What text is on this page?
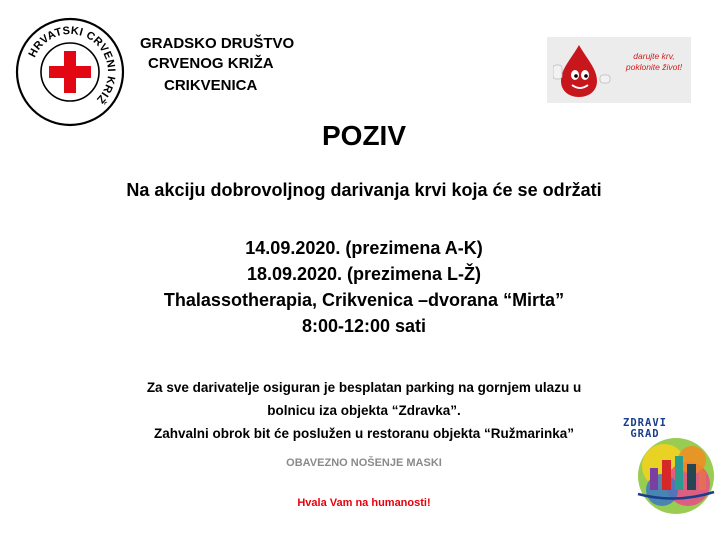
HRVATSKI CRVENI KRIŽ
GRADSKO DRUŠTVO
CRVENOG KRIŽA
CRIKVENICA
darujte krv,
poklonite život!
POZIV
Na akciju dobrovoljnog darivanja krvi koja će se održati
14.09.2020. (prezimena A-K)
18.09.2020. (prezimena L-Ž)
Thalassotherapia, Crikvenica –dvorana “Mirta”
8:00-12:00 sati
Za sve darivatelje osiguran je besplatan parking na gornjem ulazu u
bolnicu iza objekta “Zdravka”.
Zahvalni obrok bit će poslužen u restoranu objekta “Ružmarinka”
OBAVEZNO NOŠENJE MASKI
Hvala Vam na humanosti!
ZDRAVI
GRAD
